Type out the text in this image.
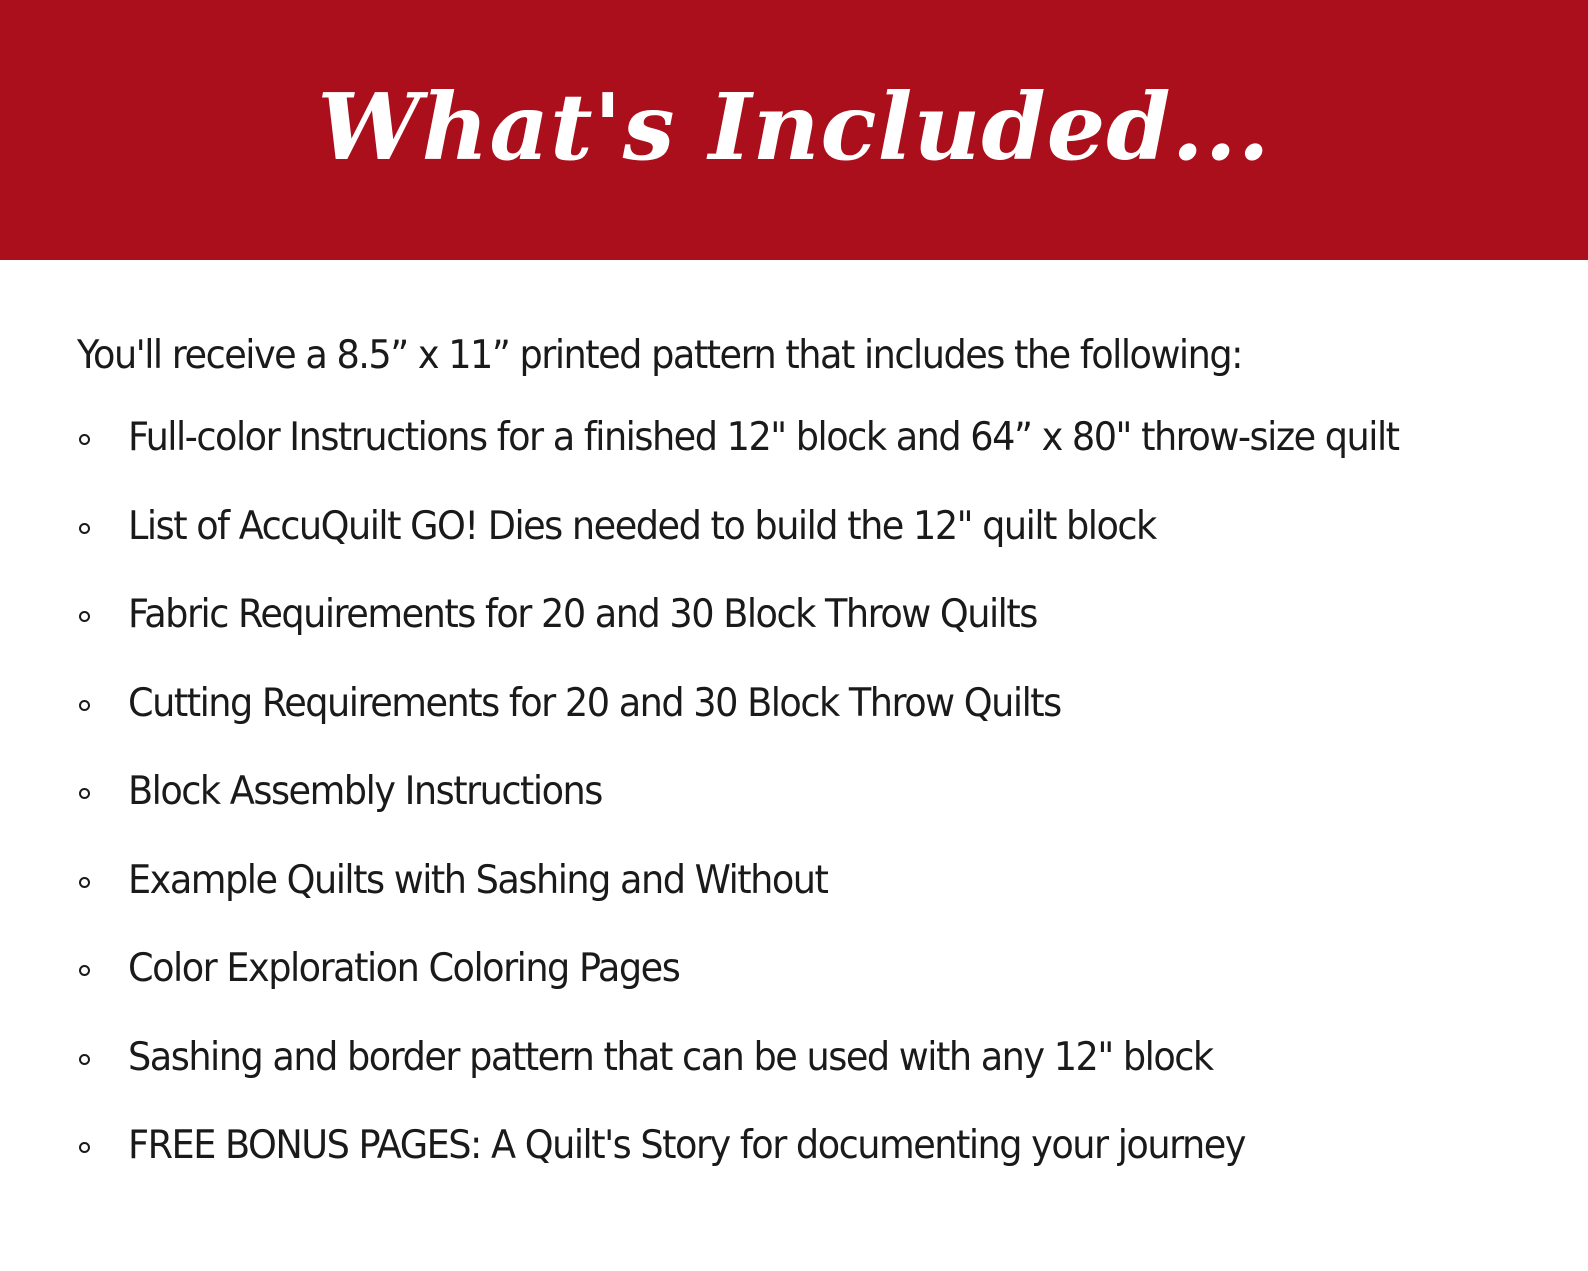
What's Included...
You'll receive a 8.5” x 11” printed pattern that includes the following:
Full-color Instructions for a finished 12" block and 64” x 80" throw-size quilt
List of AccuQuilt GO! Dies needed to build the 12" quilt block
Fabric Requirements for 20 and 30 Block Throw Quilts
Cutting Requirements for 20 and 30 Block Throw Quilts
Block Assembly Instructions
Example Quilts with Sashing and Without
Color Exploration Coloring Pages
Sashing and border pattern that can be used with any 12" block
FREE BONUS PAGES: A Quilt's Story for documenting your journey
